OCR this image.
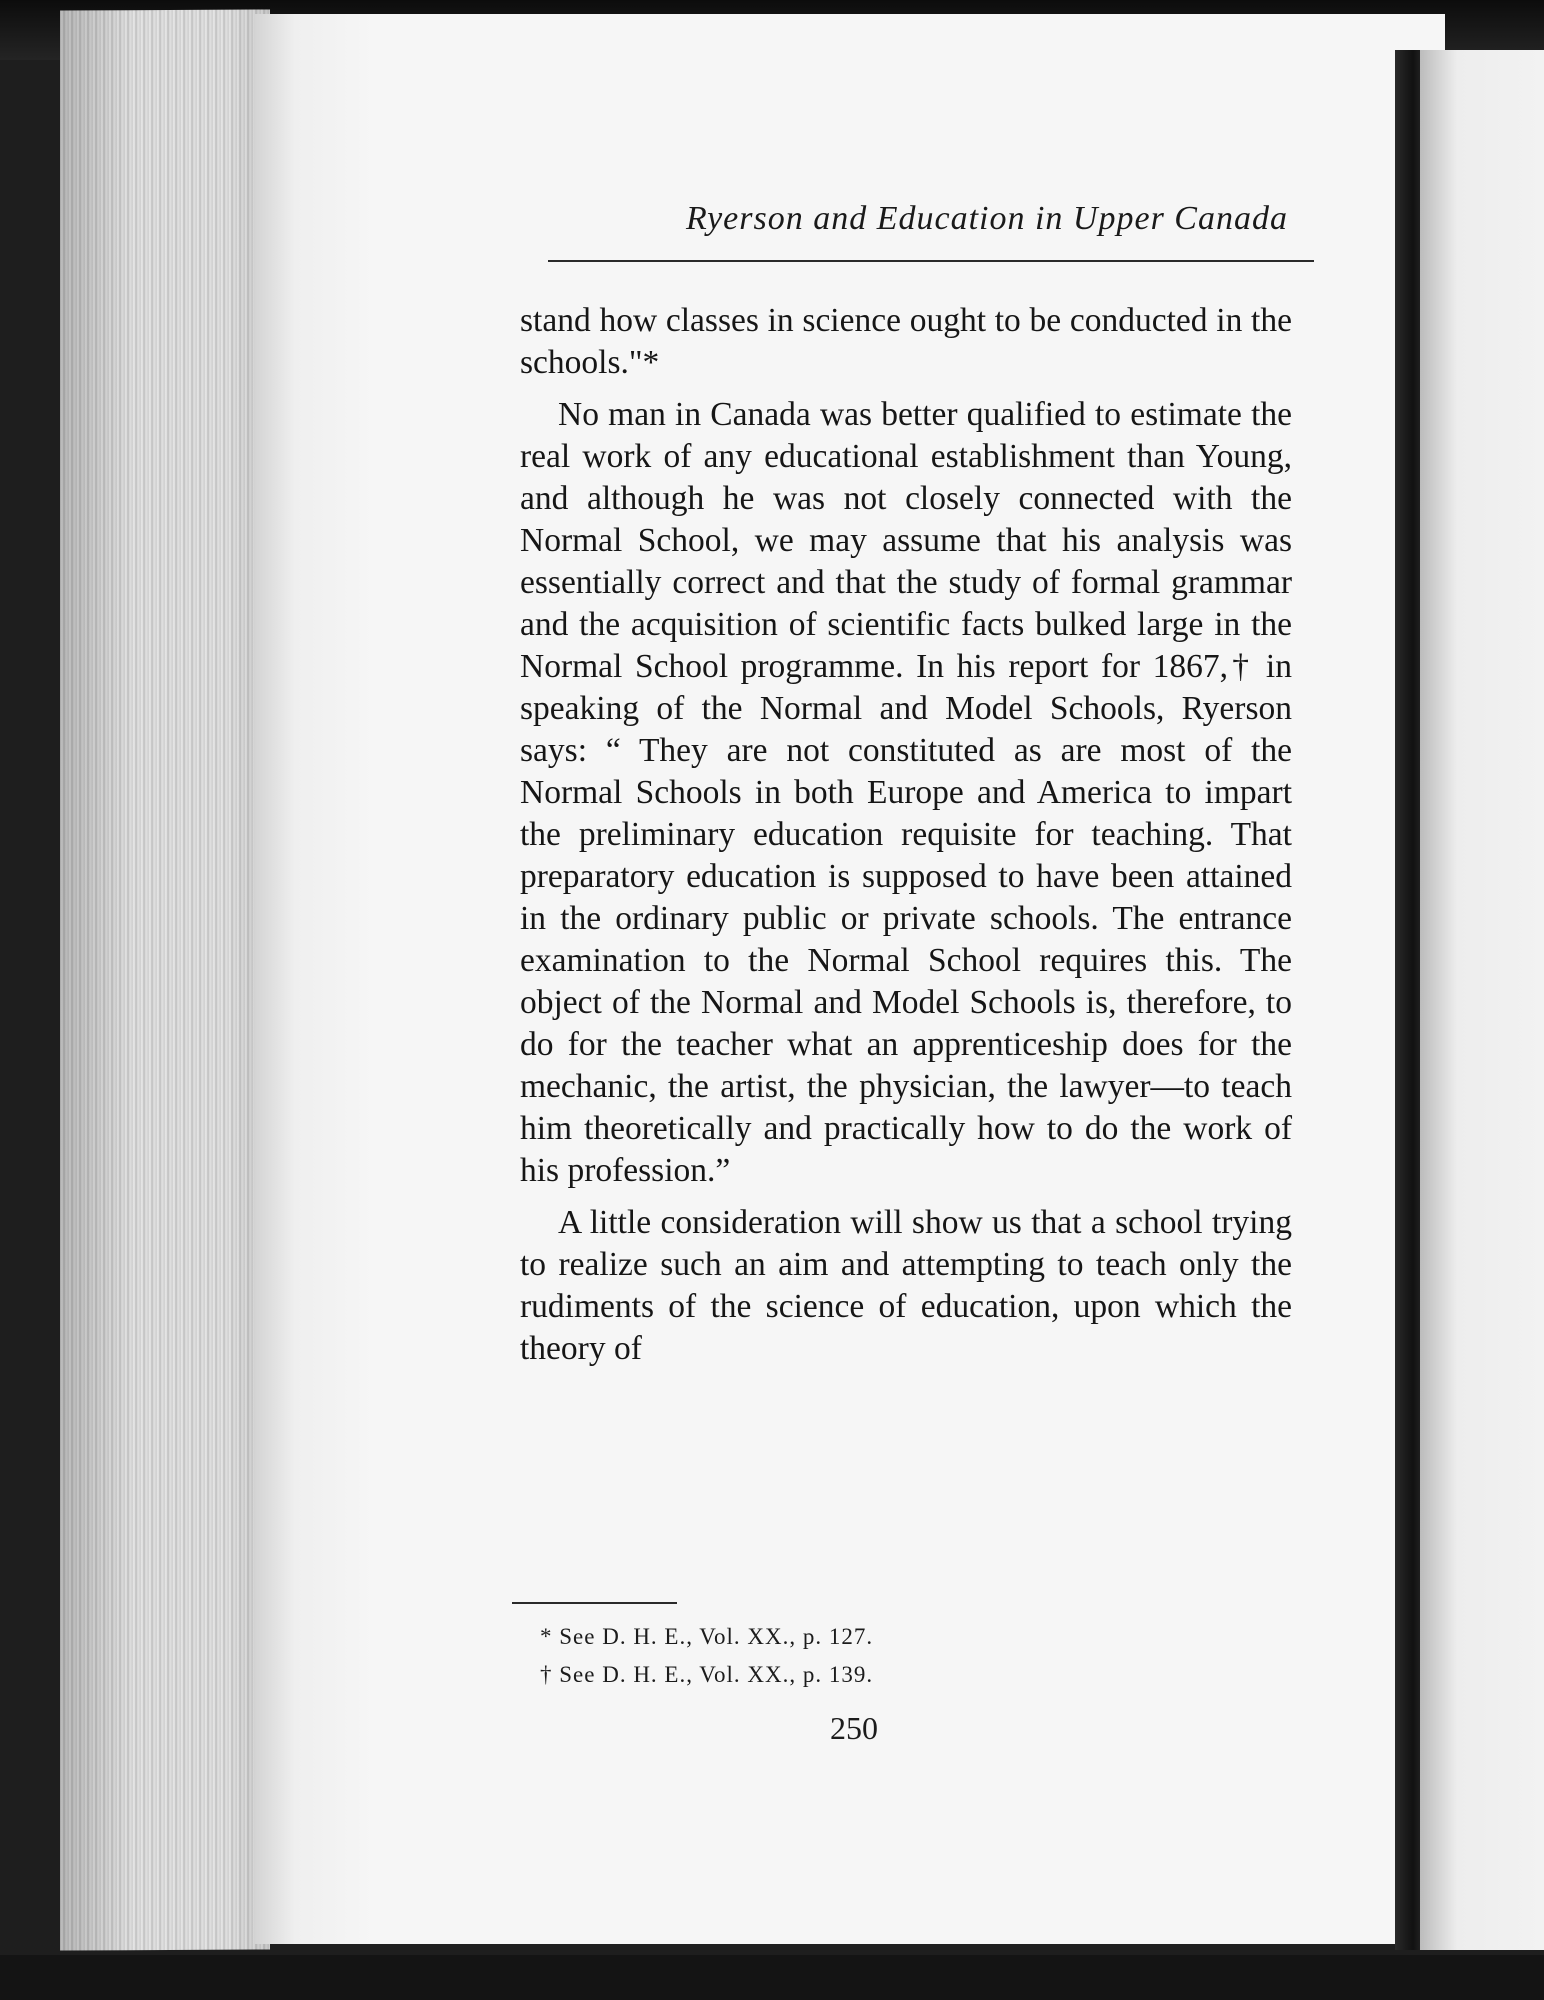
Ryerson and Education in Upper Canada

stand how classes in science ought to be conducted in the schools."*

No man in Canada was better qualified to estimate the real work of any educational establishment than Young, and although he was not closely connected with the Normal School, we may assume that his analysis was essentially correct and that the study of formal grammar and the acquisition of scientific facts bulked large in the Normal School programme. In his report for 1867,† in speaking of the Normal and Model Schools, Ryerson says: “ They are not constituted as are most of the Normal Schools in both Europe and America to impart the preliminary education requisite for teaching. That preparatory education is supposed to have been attained in the ordinary public or private schools. The entrance examination to the Normal School requires this. The object of the Normal and Model Schools is, therefore, to do for the teacher what an apprenticeship does for the mechanic, the artist, the physician, the lawyer—to teach him theoretically and practically how to do the work of his profession.”

A little consideration will show us that a school trying to realize such an aim and attempting to teach only the rudiments of the science of education, upon which the theory of

* See D. H. E., Vol. XX., p. 127.
† See D. H. E., Vol. XX., p. 139.
250
